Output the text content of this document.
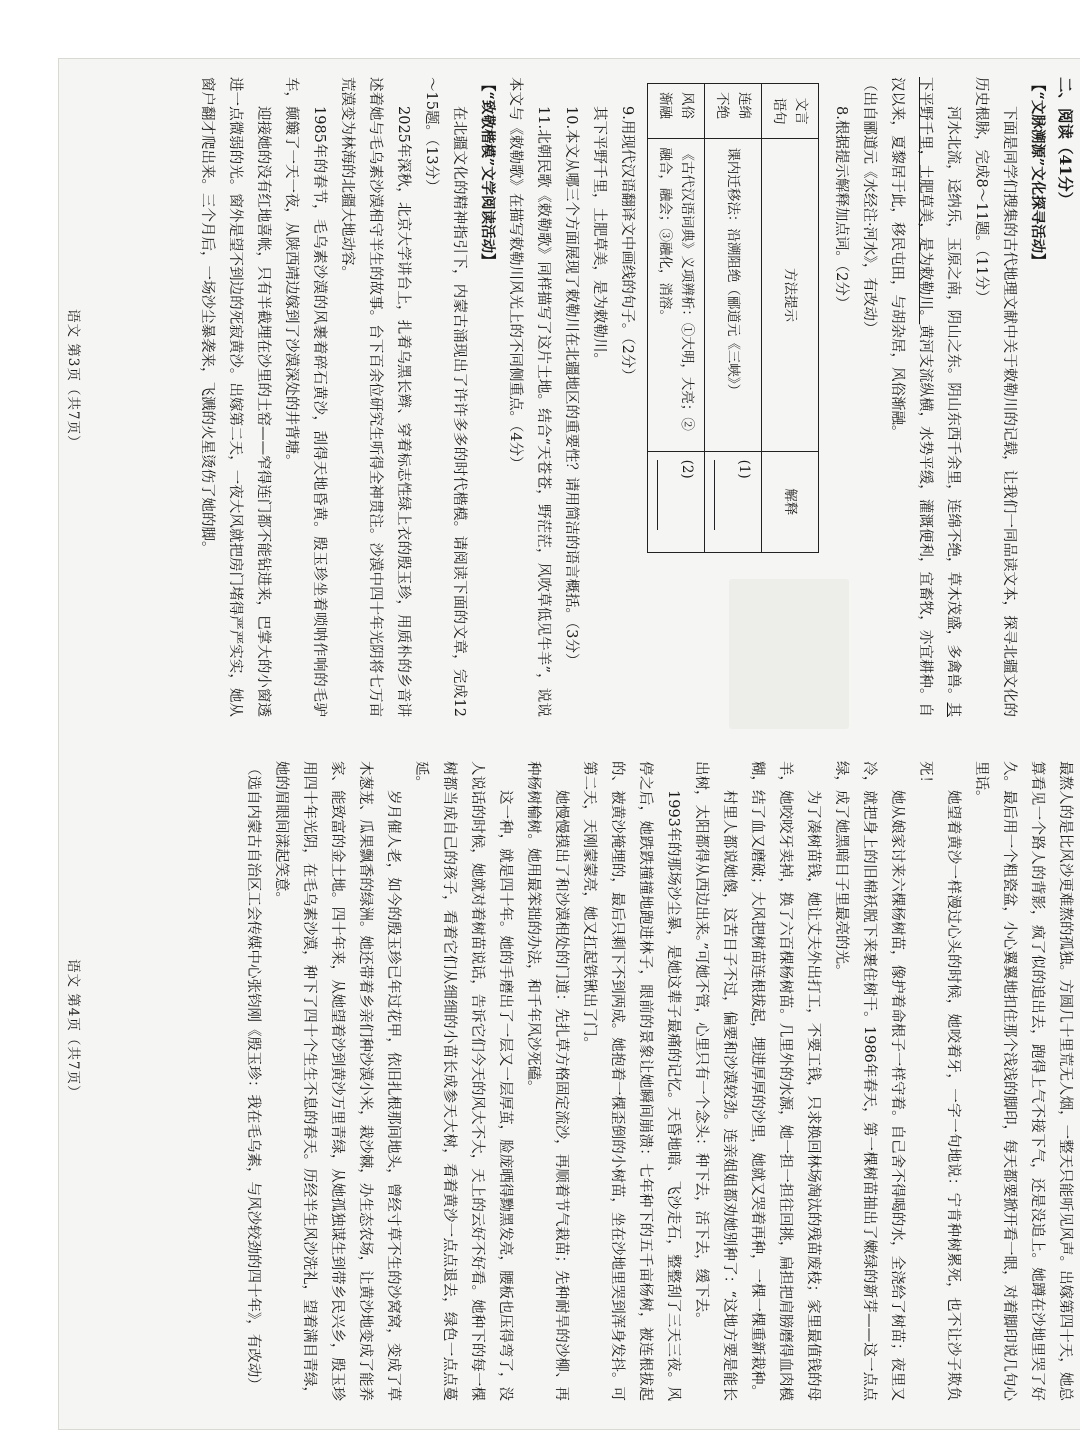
二、阅读（41分）

【“文脉溯源”文化探寻活动】

下面是同学们搜集的古代地理文献中关于敕勒川的记载，让我们一同品读文本，探寻北疆文化的历史根脉，完成8～11题。（11分）

河水北流，迳纳乐，玉原之南，阴山之东。阴山东西千余里，连绵不绝，草木茂盛，多禽兽。其下平野千里，土肥草美，是为敕勒川。黄河支流纵横，水势平缓，灌溉便利，宜畜牧，亦宜耕种。自汉以来，夏黎居于此，移民屯田，与胡杂居，风俗渐融。

（出自郦道元《水经注·河水》，有改动）

8.根据提示解释加点词。（2分）

文言语句	方法提示	解释
连绵不绝	课内迁移法：沿溯阻绝（郦道元《三峡》）	(1)
风俗渐融	《古代汉语词典》义项辨析：①大明，大亮；②融合，融会；③融化，消溶。	(2)

9.用现代汉语翻译文中画线的句子。（2分）

其下平野千里，土肥草美，是为敕勒川。

10.本文从哪三个方面展现了敕勒川在北疆地区的重要性？请用简洁的语言概括。（3分）

11.北朝民歌《敕勒歌》同样描写了这片土地。结合“天苍苍，野茫茫，风吹草低见牛羊”，说说本文与《敕勒歌》在描写敕勒川风光上的不同侧重点。（4分）

【“致敬楷模”文学阅读活动】

在北疆文化的精神指引下，内蒙古涌现出了许许多多的时代楷模。请阅读下面的文章，完成12～15题。（13分）

2025年深秋，北京大学讲台上，扎着乌黑长辫、穿着标志性绿上衣的殷玉珍，用质朴的乡音讲述着她与毛乌素沙漠相守半生的故事。台下百余位研究生听得全神贯注。沙漠中四十年光阴将七万亩荒漠变为林海的北疆大地动容。

1985年的春节，毛乌素沙漠的风裹着碎石黄沙，刮得天地昏黄。殷玉珍坐着唢呐作响的毛驴车，颠簸了一天一夜，从陕西靖边嫁到了沙漠深处的井背塘。

迎接她的没有红地喜帐，只有半截埋在沙里的土窑——窄得连门都不能钻进来，巴掌大的小窗透进一点微弱的光。窗外是望不到边的死寂黄沙。出嫁第二天，一夜大风就把房门堵得严严实实，她从窗户翻才爬出来。三个月后，一场沙尘暴袭来，飞溅的火星烫伤了她的脚。

语文 第3页（共7页）

最熬人的是比风沙更难熬的孤独。方圆几十里荒无人烟，一整天只能听见风声。出嫁第四十天，她总算看见一个路人的背影，疯了似的追出去，跑得上气不接下气，还是没追上。她蹲在沙地里哭了好久。最后用一个粗瓷盆，小心翼翼地扣住那个浅浅的脚印，每天都要掀开看一眼，对着脚印说几句心里话。

她望着黄沙一样漫过心头的时候，她咬着牙，一字一句地说：宁肯种树累死，也不让沙子欺负死！

她从娘家讨来六棵杨树苗，像护着命根子一样守着。自己舍不得喝的水，全浇给了树苗；夜里又冷，就把身上的旧棉袄脱下来裹住树干。1986年春天，第一棵树苗抽出了嫩绿的新芽——这一点点绿，成了她黑暗日子里最亮的光。

为了凑树苗钱，她让丈夫外出打工，不要工钱，只求换回林场淘汰的残苗废枝；家里最值钱的母羊，她咬咬牙卖掉，换了六百棵杨树苗。几里外的水源，她一担一担往回挑，扁担把肩膀磨得血肉模糊，结了血又磨破；大风把树苗连根拔起，埋进厚厚的沙里，她就又哭着再种，一棵一棵重新栽种。

村里人都说她傻，这苦日子不过，偏要和沙漠较劲。连亲姐姐都劝她别种了：“这地方要是能长出树，太阳都得从西边出来。”可她不管，心里只有一个念头：种下去，活下去，缓下去。

1993年的那场沙尘暴，是她这辈子最痛的记忆。天昏地暗、飞沙走石，整整刮了三天三夜。风停之后，她跌跌撞撞地跑进林子，眼前的景象让她瞬间崩溃：七年种下的五千亩杨树，被连根拔起的、被黄沙掩埋的，最后只剩下不到两成。她抱着一棵歪倒的小树苗，坐在沙地里哭到浑身发抖。可第二天，天刚蒙蒙亮，她又扛起铁锹出了门。

她慢慢摸出了和沙漠相处的门道：先扎草方格固定流沙，再顺着节气栽苗；先种耐旱的沙柳、再种杨树榆树。她用最笨拙的办法，和千年风沙死磕。

这一种，就是四十年。她的手磨出了一层又一层厚茧，脸庞晒得黝黑发亮，腰板也压得弯了，没人说话的时候，她就对着树苗说话，告诉它们今天的风大不大，天上的云好不好看。她种下的每一棵树都当成自己的孩子，看着它们从细细的小苗长成参天大树，看着黄沙一点点退去，绿色一点点蔓延。

岁月催人老，如今的殷玉珍已年过花甲，依旧扎根那间地头，曾经寸草不生的沙窝窝，变成了草木葱茏、瓜果飘香的绿洲。她还带着乡亲们种沙漠小米，栽沙棘，办生态农场，让黄沙地变成了能养家、能致富的金土地。四十年来，从她望着沙到黄沙万里青绿，从她孤独谋生到带乡民兴乡，殷玉珍用四十年光阴，在毛乌素沙漠，种下了四十个生生不息的春天。历经半生风沙洗礼，望着满目青绿，她的眉眼间漾起笑意。

（选自内蒙古自治区工会传媒中心张钧刚《殷玉珍：我在毛乌素，与风沙较劲的四十年》，有改动）

语文 第4页（共7页）
